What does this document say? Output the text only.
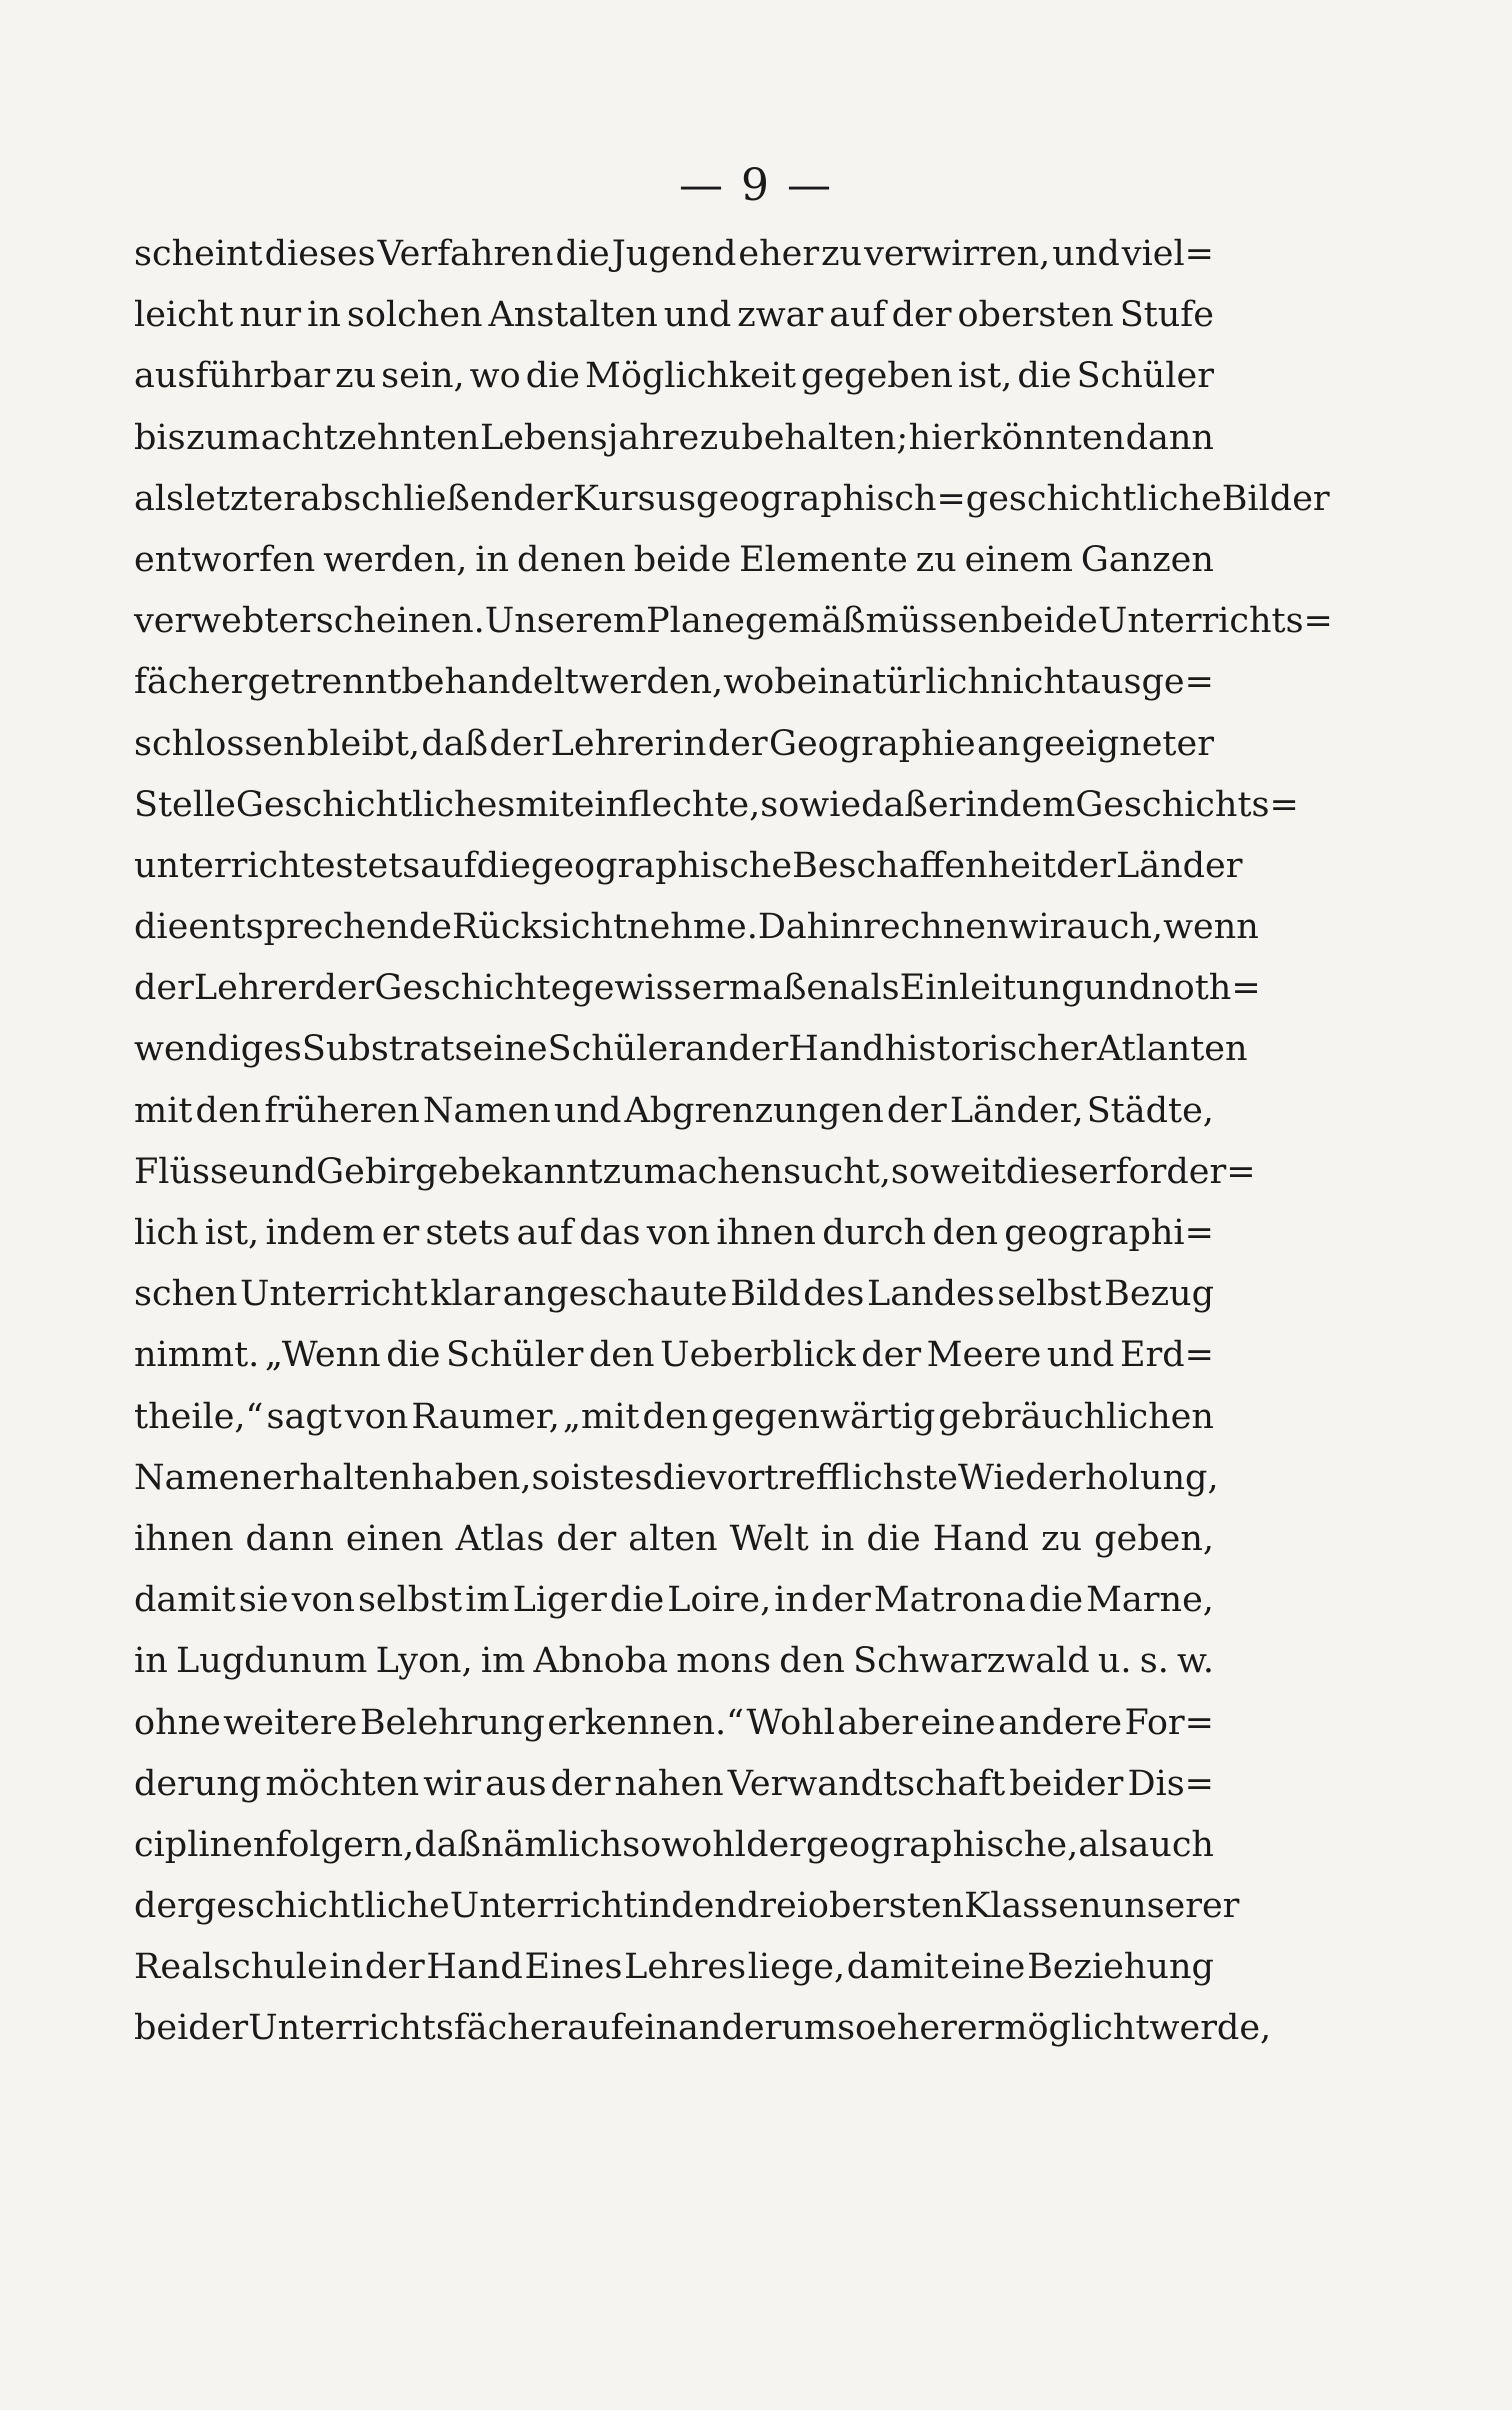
— 9 —
scheint dieses Verfahren die Jugend eher zu verwirren, und viel=
leicht nur in solchen Anstalten und zwar auf der obersten Stufe
ausführbar zu sein, wo die Möglichkeit gegeben ist, die Schüler
bis zum achtzehnten Lebensjahre zu behalten; hier könnten dann
als letzter abschließender Kursus geographisch=geschichtliche Bilder
entworfen werden, in denen beide Elemente zu einem Ganzen
verwebt erscheinen. Unserem Plane gemäß müssen beide Unterrichts=
fächer getrennt behandelt werden, wobei natürlich nicht ausge=
schlossen bleibt, daß der Lehrer in der Geographie an geeigneter
Stelle Geschichtliches miteinflechte, sowie daß er in dem Geschichts=
unterrichte stets auf die geographische Beschaffenheit der Länder
die entsprechende Rücksicht nehme. Dahin rechnen wir auch, wenn
der Lehrer der Geschichte gewissermaßen als Einleitung und noth=
wendiges Substrat seine Schüler an der Hand historischer Atlanten
mit den früheren Namen und Abgrenzungen der Länder, Städte,
Flüsse und Gebirge bekannt zu machen sucht, soweit dies erforder=
lich ist, indem er stets auf das von ihnen durch den geographi=
schen Unterricht klar angeschaute Bild des Landes selbst Bezug
nimmt. „Wenn die Schüler den Ueberblick der Meere und Erd=
theile,“ sagt von Raumer, „mit den gegenwärtig gebräuchlichen
Namen erhalten haben, so ist es die vortrefflichste Wiederholung,
ihnen dann einen Atlas der alten Welt in die Hand zu geben,
damit sie von selbst im Liger die Loire, in der Matrona die Marne,
in Lugdunum Lyon, im Abnoba mons den Schwarzwald u. s. w.
ohne weitere Belehrung erkennen.“ Wohl aber eine andere For=
derung möchten wir aus der nahen Verwandtschaft beider Dis=
ciplinen folgern, daß nämlich sowohl der geographische, als auch
der geschichtliche Unterricht in den drei obersten Klassen unserer
Realschule in der Hand Eines Lehres liege, damit eine Beziehung
beider Unterrichtsfächer auf einander um so eher ermöglicht werde,
